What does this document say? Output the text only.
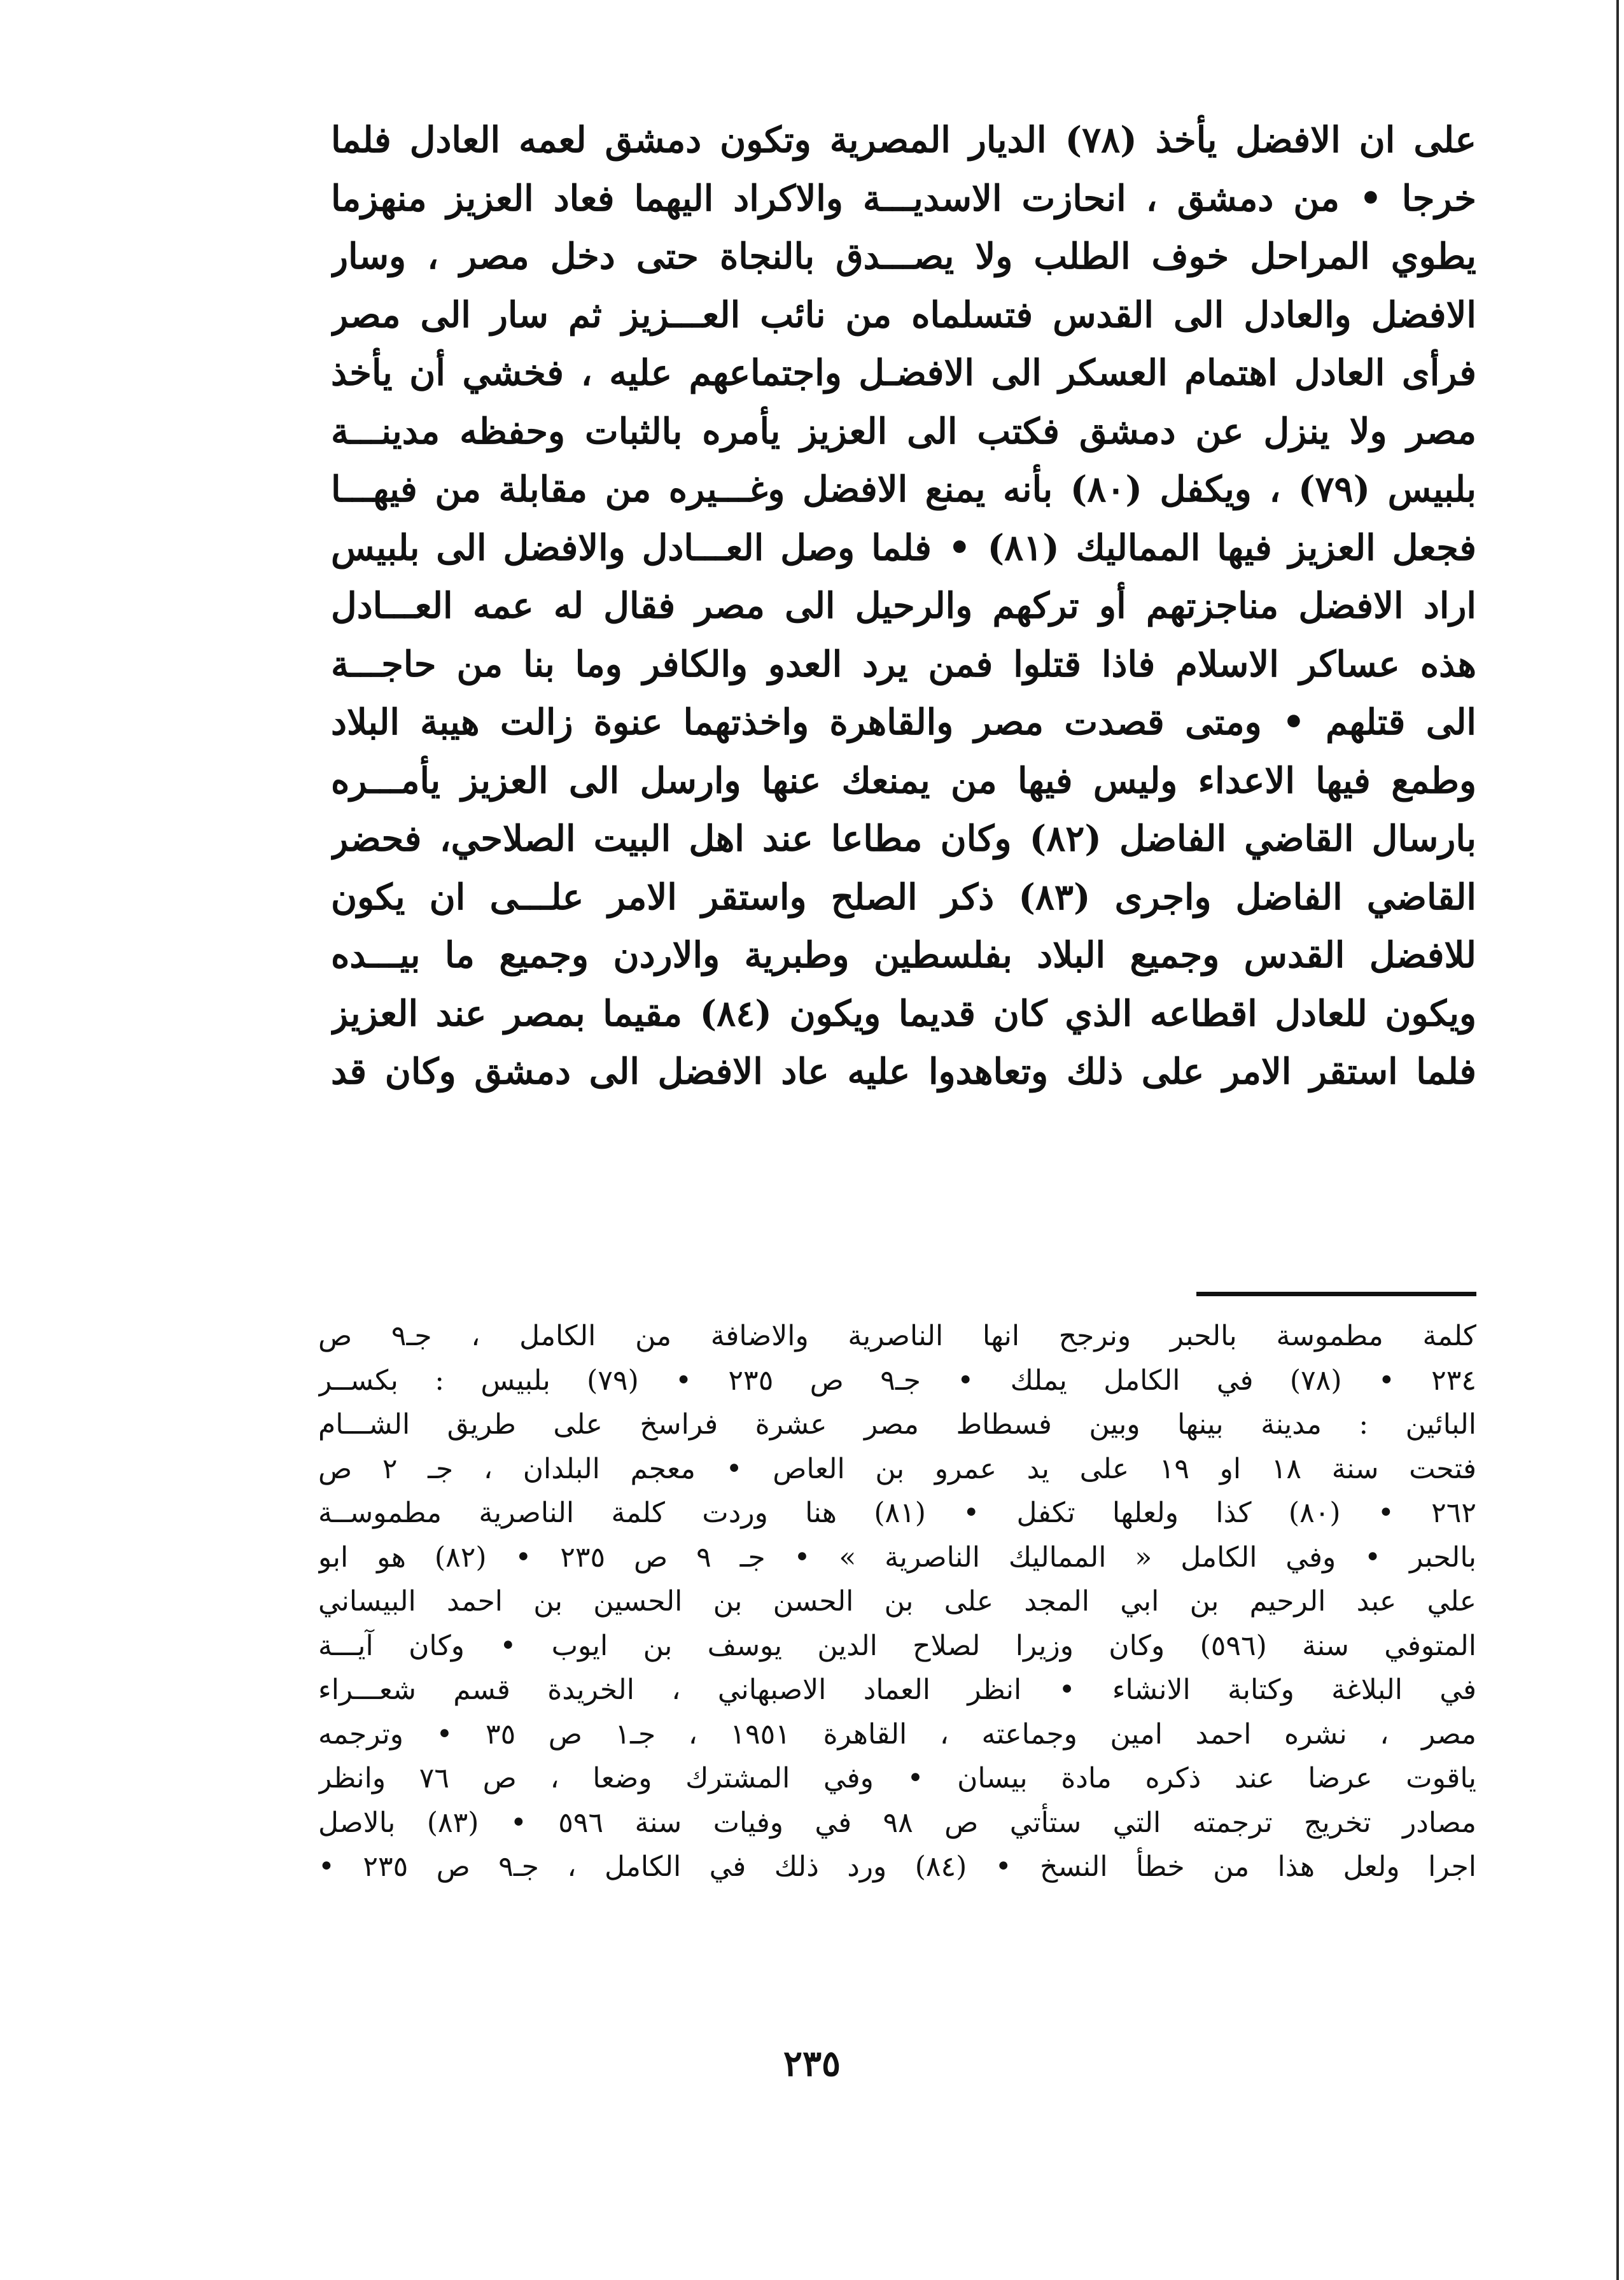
على ان الافضل يأخذ (٧٨) الديار المصرية وتكون دمشق لعمه العادل فلما
خرجا • من دمشق ، انحازت الاسديـــة والاكراد اليهما فعاد العزيز منهزما
يطوي المراحل خوف الطلب ولا يصـــدق بالنجاة حتى دخل مصر ، وسار
الافضل والعادل الى القدس فتسلماه من نائب العـــزيز ثم سار الى مصر
فرأى العادل اهتمام العسكر الى الافضـل واجتماعهم عليه ، فخشي أن يأخذ
مصر ولا ينزل عن دمشق فكتب الى العزيز يأمره بالثبات وحفظه مدينـــة
بلبيس (٧٩) ، ويكفل (٨٠) بأنه يمنع الافضل وغـــيره من مقابلة من فيهـــا
فجعل العزيز فيها المماليك (٨١) • فلما وصل العـــادل والافضل الى بلبيس
اراد الافضل مناجزتهم أو تركهم والرحيل الى مصر فقال له عمه العـــادل
هذه عساكر الاسلام فاذا قتلوا فمن يرد العدو والكافر وما بنا من حاجـــة
الى قتلهم • ومتى قصدت مصر والقاهرة واخذتهما عنوة زالت هيبة البلاد
وطمع فيها الاعداء وليس فيها من يمنعك عنها وارسل الى العزيز يأمـــره
بارسال القاضي الفاضل (٨٢) وكان مطاعا عند اهل البيت الصلاحي، فحضر
القاضي الفاضل واجرى (٨٣) ذكر الصلح واستقر الامر علـــى ان يكون
للافضل القدس وجميع البلاد بفلسطين وطبرية والاردن وجميع ما بيـــده
ويكون للعادل اقطاعه الذي كان قديما ويكون (٨٤) مقيما بمصر عند العزيز
فلما استقر الامر على ذلك وتعاهدوا عليه عاد الافضل الى دمشق وكان قد
كلمة مطموسة بالحبر ونرجح انها الناصرية والاضافة من الكامل ، جـ٩ ص
٢٣٤ • (٧٨) في الكامل يملك • جـ٩ ص ٢٣٥ • (٧٩) بلبيس : بكســر
البائين : مدينة بينها وبين فسطاط مصر عشرة فراسخ على طريق الشـــام
فتحت سنة ١٨ او ١٩ على يد عمرو بن العاص • معجم البلدان ، جـ ٢ ص
٢٦٢ • (٨٠) كذا ولعلها تكفل • (٨١) هنا وردت كلمة الناصرية مطموســة
بالحبر • وفي الكامل « المماليك الناصرية » • جـ ٩ ص ٢٣٥ • (٨٢) هو ابو
علي عبد الرحيم بن ابي المجد على بن الحسن بن الحسين بن احمد البيساني
المتوفي سنة (٥٩٦) وكان وزيرا لصلاح الدين يوسف بن ايوب • وكان آيـــة
في البلاغة وكتابة الانشاء • انظر العماد الاصبهاني ، الخريدة قسم شعـــراء
مصر ، نشره احمد امين وجماعته ، القاهرة ١٩٥١ ، جـ١ ص ٣٥ • وترجمه
ياقوت عرضا عند ذكره مادة بيسان • وفي المشترك وضعا ، ص ٧٦ وانظر
مصادر تخريج ترجمته التي ستأتي ص ٩٨ في وفيات سنة ٥٩٦ • (٨٣) بالاصل
اجرا ولعل هذا من خطأ النسخ • (٨٤) ورد ذلك في الكامل ، جـ٩ ص ٢٣٥ •
٢٣٥
